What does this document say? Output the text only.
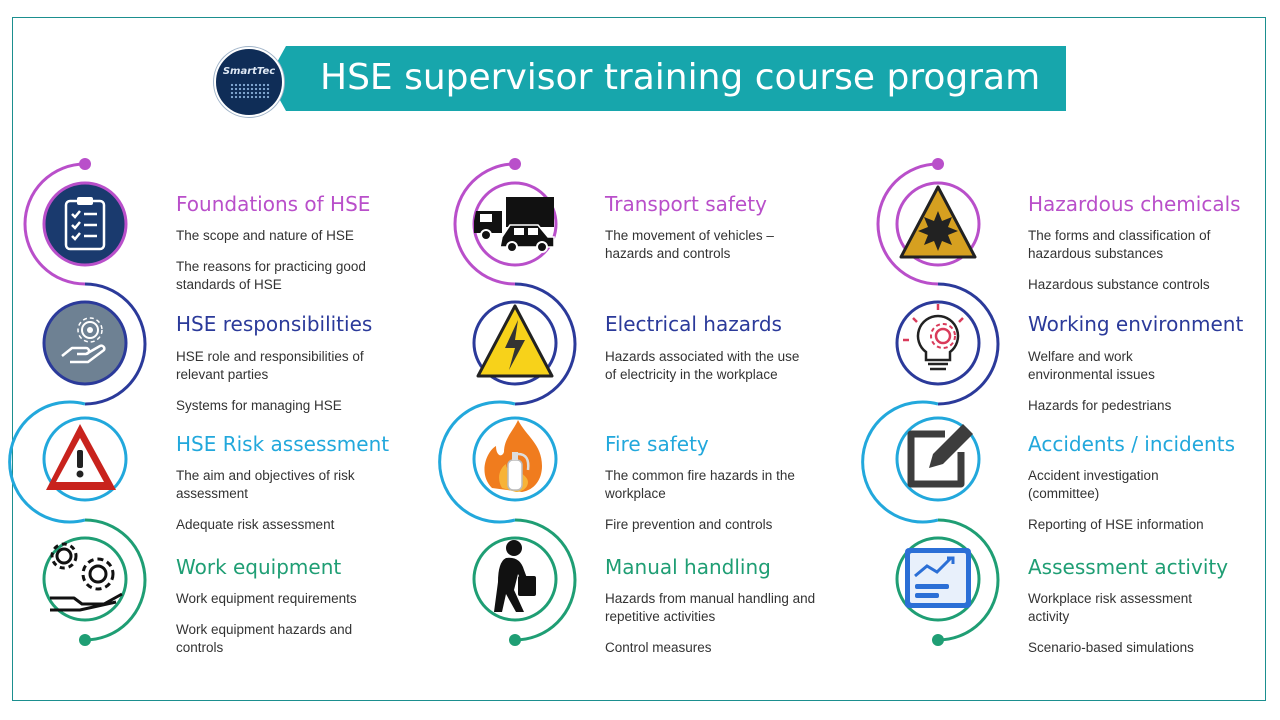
HSE supervisor training course program
SmartTec
Foundations of HSE
The scope and nature of HSE
The reasons for practicing good standards of HSE
HSE responsibilities
HSE role and responsibilities of relevant parties
Systems for managing HSE
HSE Risk assessment
The aim and objectives of risk assessment
Adequate risk assessment
Work equipment
Work equipment requirements
Work equipment hazards and controls
Transport safety
The movement of vehicles – hazards and controls
Electrical hazards
Hazards associated with the use of electricity in the workplace
Fire safety
The common fire hazards in the workplace
Fire prevention and controls
Manual handling
Hazards from manual handling and repetitive activities
Control measures
Hazardous chemicals
The forms and classification of hazardous substances
Hazardous substance controls
Working environment
Welfare and work environmental issues
Hazards for pedestrians
Accidents / incidents
Accident investigation (committee)
Reporting of HSE information
Assessment activity
Workplace risk assessment activity
Scenario-based simulations
